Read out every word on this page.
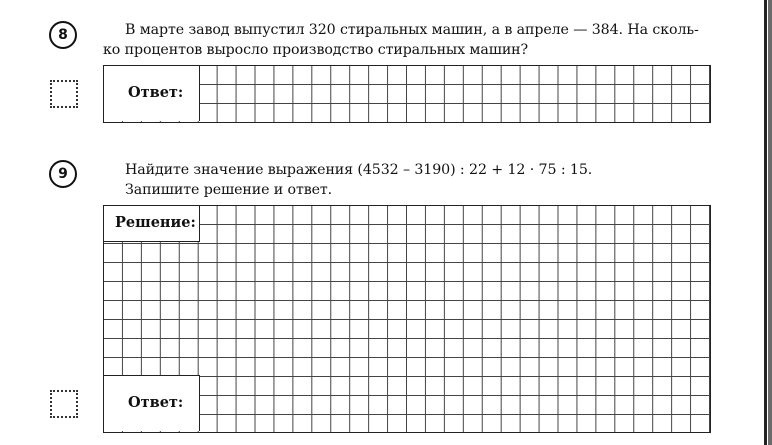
8	В марте завод выпустил 320 стиральных машин, а в апреле — 384. На сколь-
ко процентов выросло производство стиральных машин?
Ответ:
9	Найдите значение выражения (4532 – 3190) : 22 + 12 · 75 : 15.
Запишите решение и ответ.
Решение:
Ответ:
